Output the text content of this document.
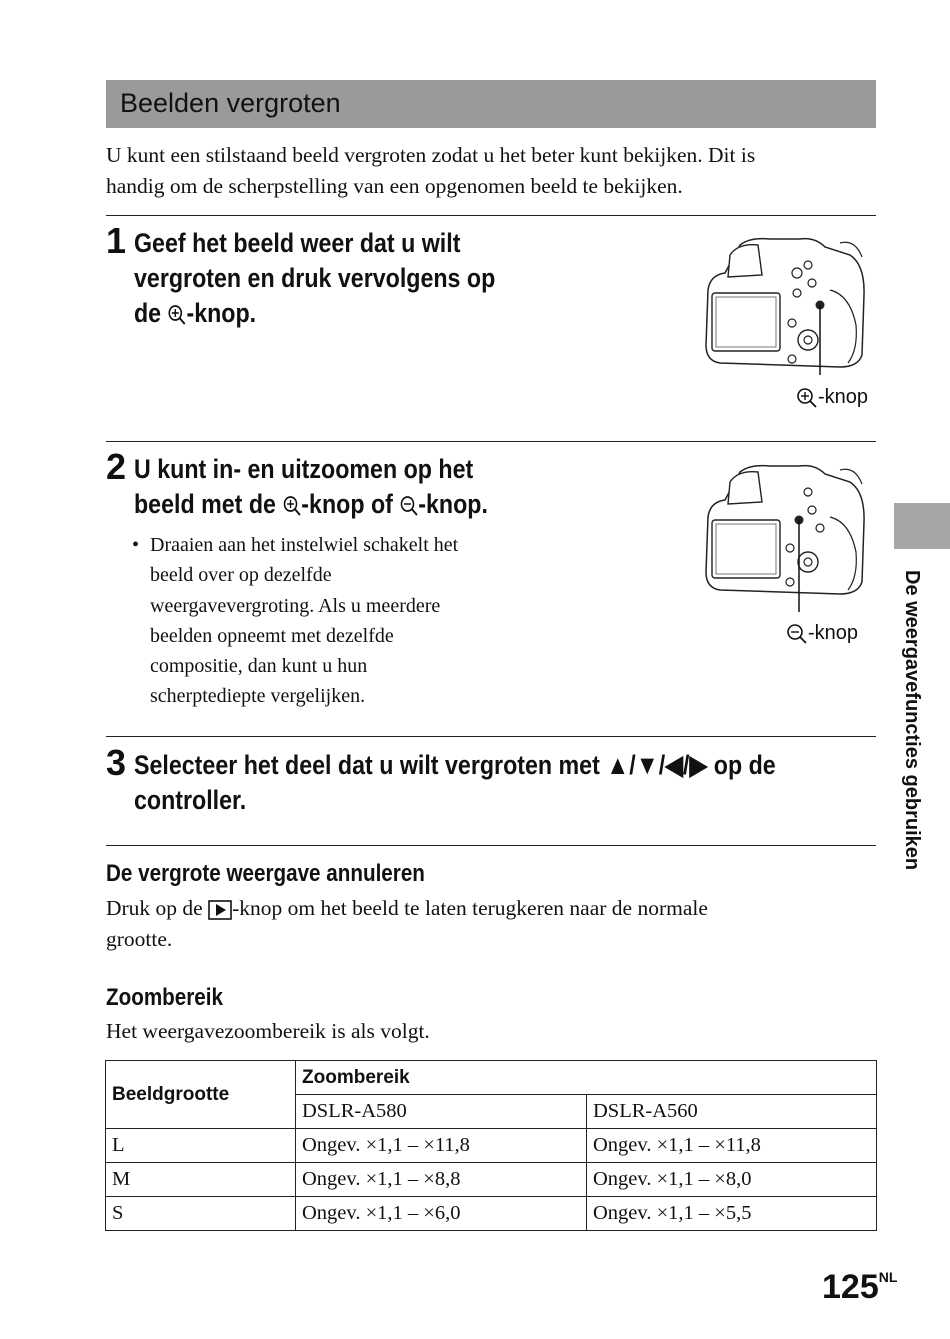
Beelden vergroten
U kunt een stilstaand beeld vergroten zodat u het beter kunt bekijken. Dit is
handig om de scherpstelling van een opgenomen beeld te bekijken.
1 Geef het beeld weer dat u wilt
vergroten en druk vervolgens op
de -knop.
-knop
2 U kunt in- en uitzoomen op het
beeld met de -knop of -knop.
• Draaien aan het instelwiel schakelt het
beeld over op dezelfde
weergavevergroting. Als u meerdere
beelden opneemt met dezelfde
compositie, dan kunt u hun
scherptediepte vergelijken.
-knop
3 Selecteer het deel dat u wilt vergroten met ▲/▼/◀/▶ op de
controller.
De vergrote weergave annuleren
Druk op de -knop om het beeld te laten terugkeren naar de normale
grootte.
Zoombereik
Het weergavezoombereik is als volgt.
Beeldgrootte	Zoombereik	
	DSLR-A580	DSLR-A560
L	Ongev. ×1,1 – ×11,8	Ongev. ×1,1 – ×11,8
M	Ongev. ×1,1 – ×8,8	Ongev. ×1,1 – ×8,0
S	Ongev. ×1,1 – ×6,0	Ongev. ×1,1 – ×5,5
De weergavefuncties gebruiken
$125^{NL}$
